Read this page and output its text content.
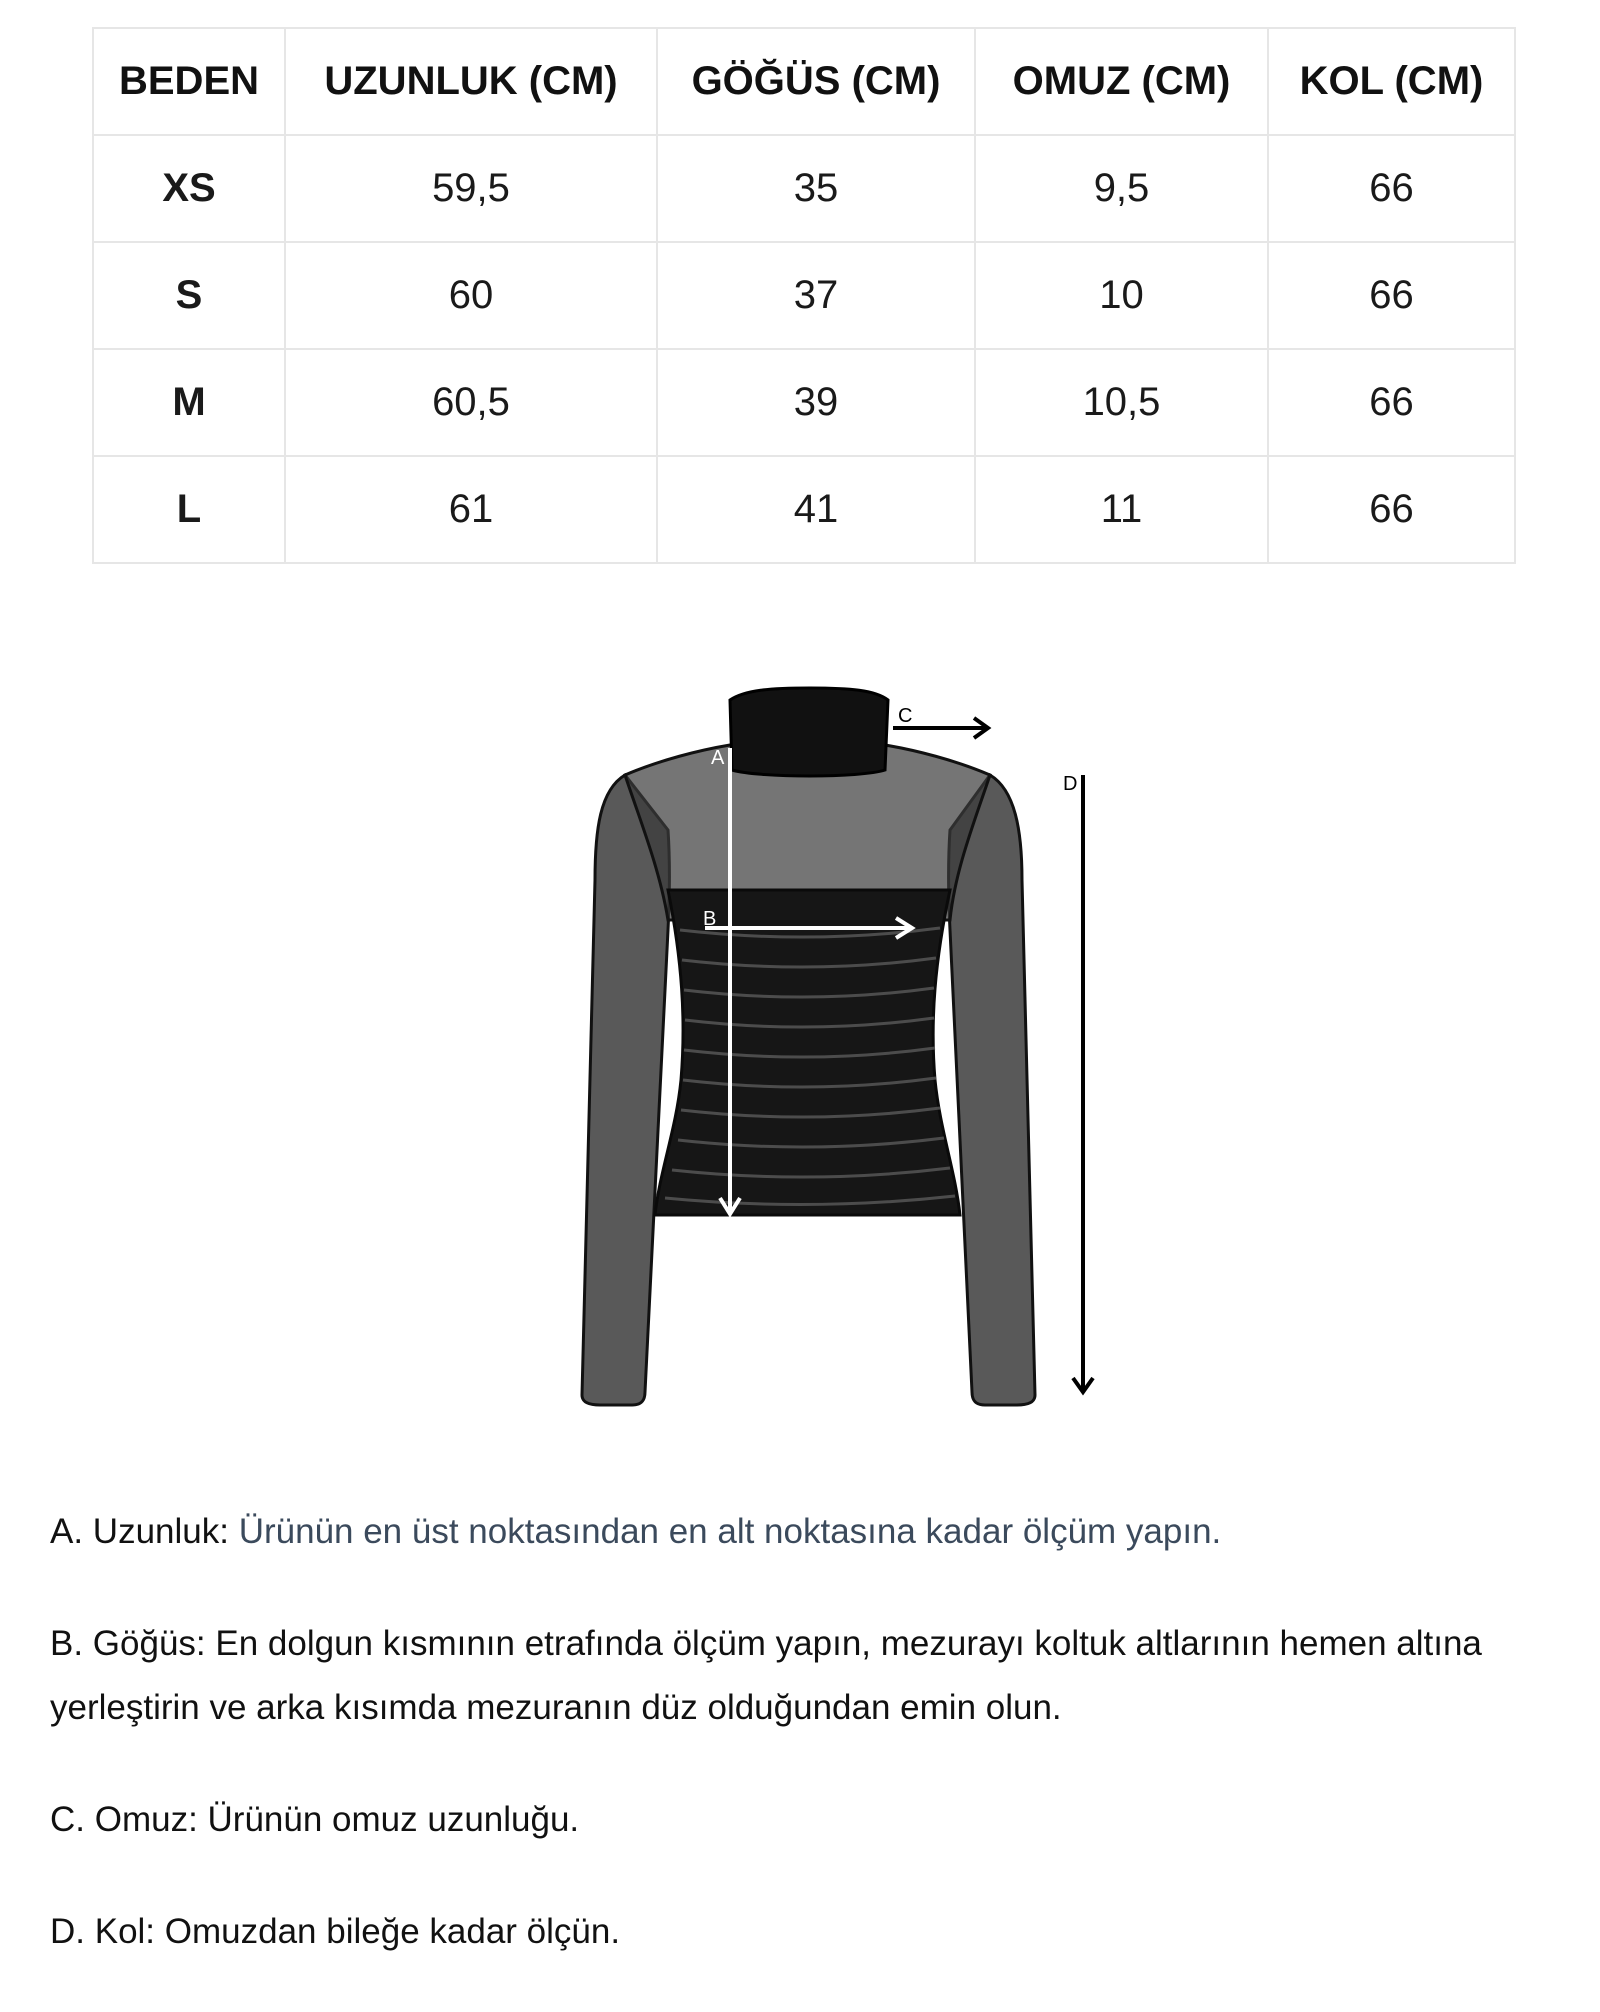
BEDEN	UZUNLUK (CM)	GÖĞÜS (CM)	OMUZ (CM)	KOL (CM)
XS	59,5	35	9,5	66
S	60	37	10	66
M	60,5	39	10,5	66
L	61	41	11	66
A
B
C
D

A. Uzunluk: Ürünün en üst noktasından en alt noktasına kadar ölçüm yapın.

B. Göğüs: En dolgun kısmının etrafında ölçüm yapın, mezurayı koltuk altlarının hemen altına yerleştirin ve arka kısımda mezuranın düz olduğundan emin olun.

C. Omuz: Ürünün omuz uzunluğu.

D. Kol: Omuzdan bileğe kadar ölçün.
